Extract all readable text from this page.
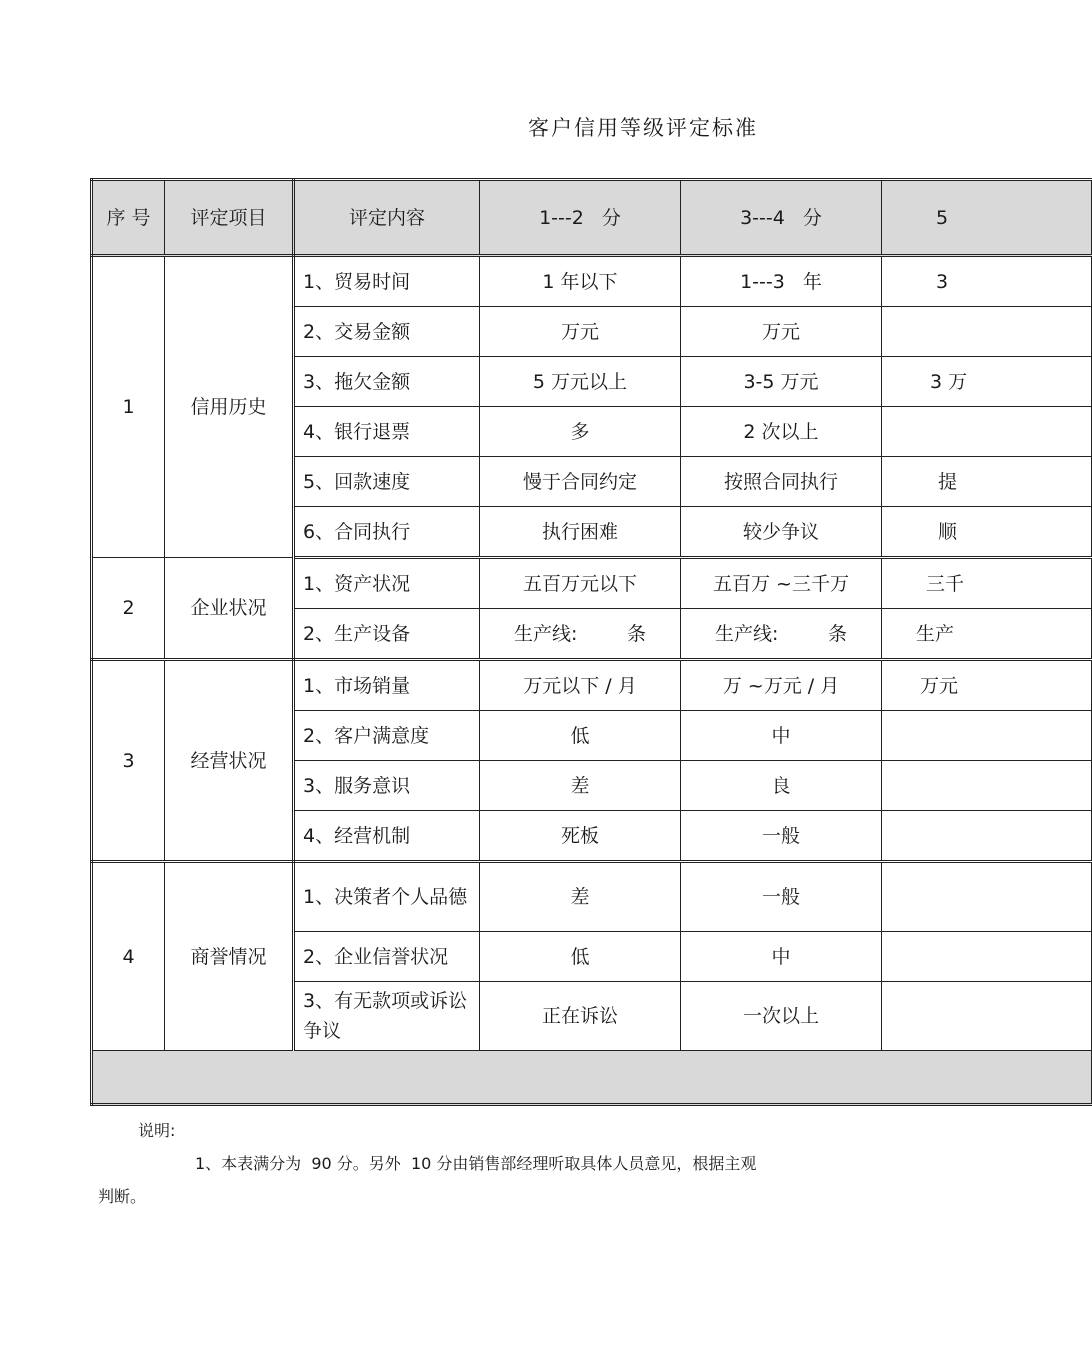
客户信用等级评定标准
序 号	评定项目	评定内容	1---2   分	3---4   分	5
1	信用历史	1、贸易时间	1 年以下	1---3   年	3
		2、交易金额	万元	万元	
		3、拖欠金额	5 万元以上	3-5 万元	3 万
		4、银行退票	多	2 次以上	
		5、回款速度	慢于合同约定	按照合同执行	提
		6、合同执行	执行困难	较少争议	顺
2	企业状况	1、资产状况	五百万元以下	五百万 ~三千万	三千
		2、生产设备	生产线: 条	生产线: 条	生产
3	经营状况	1、市场销量	万元以下 / 月	万 ~万元 / 月	万元
		2、客户满意度	低	中	
		3、服务意识	差	良	
		4、经营机制	死板	一般	
4	商誉情况	1、决策者个人品德	差	一般	
		2、企业信誉状况	低	中	
		3、有无款项或诉讼争议	正在诉讼	一次以上	

说明:
1、本表满分为  90 分。另外  10 分由销售部经理听取具体人员意见，根据主观
判断。
